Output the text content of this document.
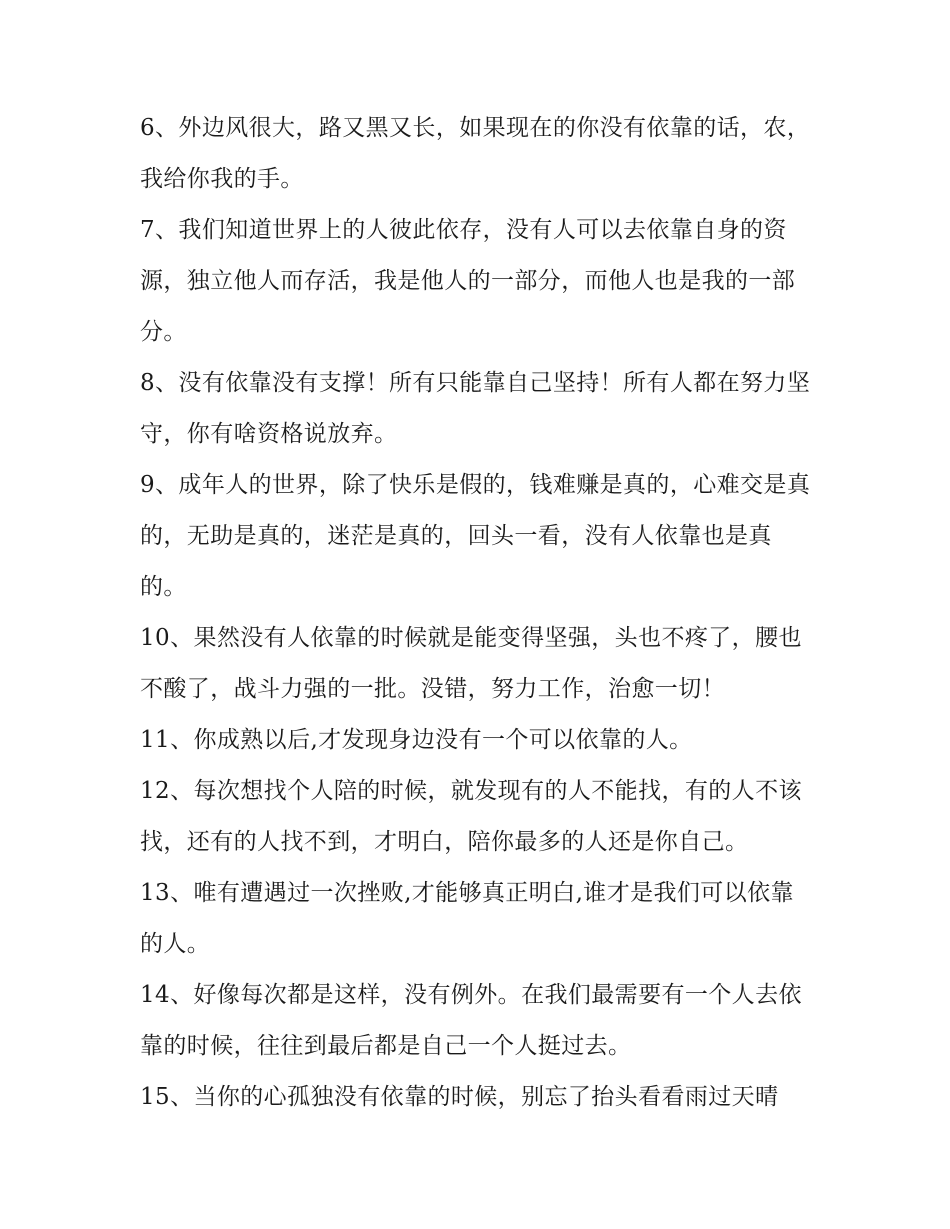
6、外边风很大，路又黑又长，如果现在的你没有依靠的话，农，我给你我的手。

7、我们知道世界上的人彼此依存，没有人可以去依靠自身的资源，独立他人而存活，我是他人的一部分，而他人也是我的一部分。

8、没有依靠没有支撑！所有只能靠自己坚持！所有人都在努力坚守，你有啥资格说放弃。

9、成年人的世界，除了快乐是假的，钱难赚是真的，心难交是真的，无助是真的，迷茫是真的，回头一看，没有人依靠也是真的。

10、果然没有人依靠的时候就是能变得坚强，头也不疼了，腰也不酸了，战斗力强的一批。没错，努力工作，治愈一切！

11、你成熟以后,才发现身边没有一个可以依靠的人。

12、每次想找个人陪的时候，就发现有的人不能找，有的人不该找，还有的人找不到，才明白，陪你最多的人还是你自己。

13、唯有遭遇过一次挫败,才能够真正明白,谁才是我们可以依靠的人。

14、好像每次都是这样，没有例外。在我们最需要有一个人去依靠的时候，往往到最后都是自己一个人挺过去。

15、当你的心孤独没有依靠的时候，别忘了抬头看看雨过天晴
